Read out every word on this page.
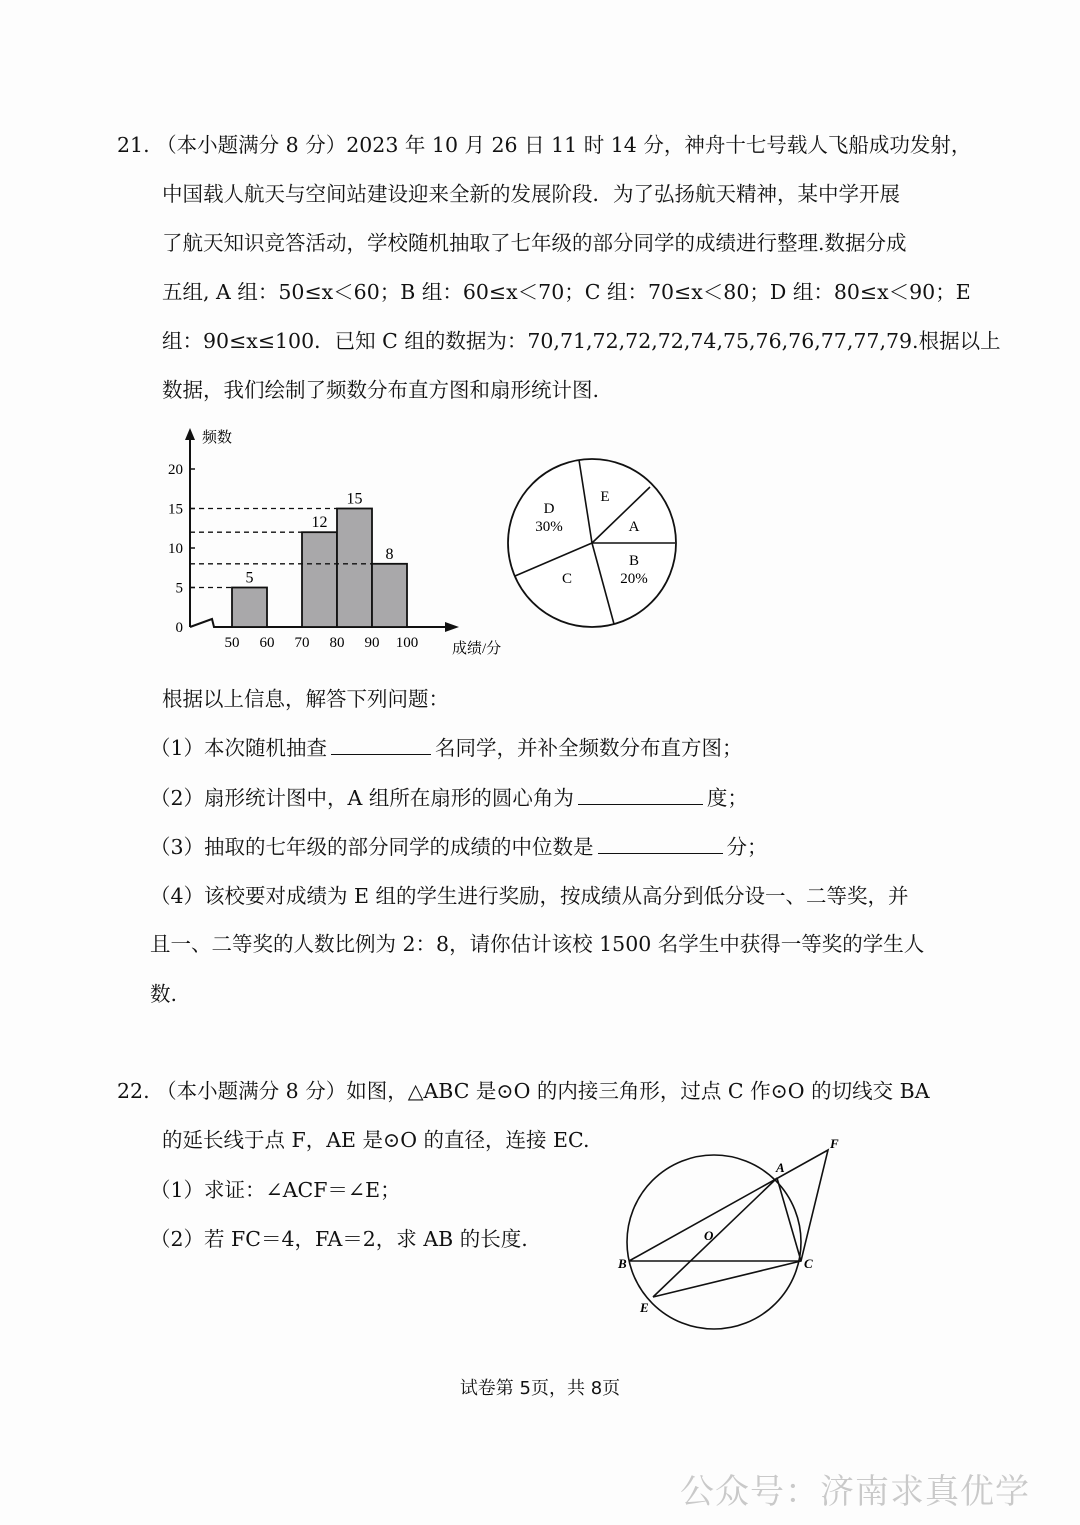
21. （本小题满分 8 分）2023 年 10 月 26 日 11 时 14 分，神舟十七号载人飞船成功发射，
中国载人航天与空间站建设迎来全新的发展阶段．为了弘扬航天精神，某中学开展
了航天知识竞答活动，学校随机抽取了七年级的部分同学的成绩进行整理.数据分成
五组, A 组：50≤x＜60；B 组：60≤x＜70；C 组：70≤x＜80；D 组：80≤x＜90；E
组：90≤x≤100．已知 C 组的数据为：70,71,72,72,72,74,75,76,76,77,77,79.根据以上
数据，我们绘制了频数分布直方图和扇形统计图.
频数
成绩/分
0
5
10
15
20
50 60 70 80 90 100
5
12
15
8
D
30%
E
A
B
20%
C
根据以上信息，解答下列问题：
（1）本次随机抽查	名同学，并补全频数分布直方图；
（2）扇形统计图中，A 组所在扇形的圆心角为	度；
（3）抽取的七年级的部分同学的成绩的中位数是	分；
（4）该校要对成绩为 E 组的学生进行奖励，按成绩从高分到低分设一、二等奖，并
且一、二等奖的人数比例为 2：8，请你估计该校 1500 名学生中获得一等奖的学生人
数.
22. （本小题满分 8 分）如图，△ABC 是⊙O 的内接三角形，过点 C 作⊙O 的切线交 BA
的延长线于点 F，AE 是⊙O 的直径，连接 EC.
（1）求证：∠ACF＝∠E；
（2）若 FC＝4，FA＝2，求 AB 的长度.
A
B	C
E
F
O
试卷第 5页，共 8页
公众号：济南求真优学
